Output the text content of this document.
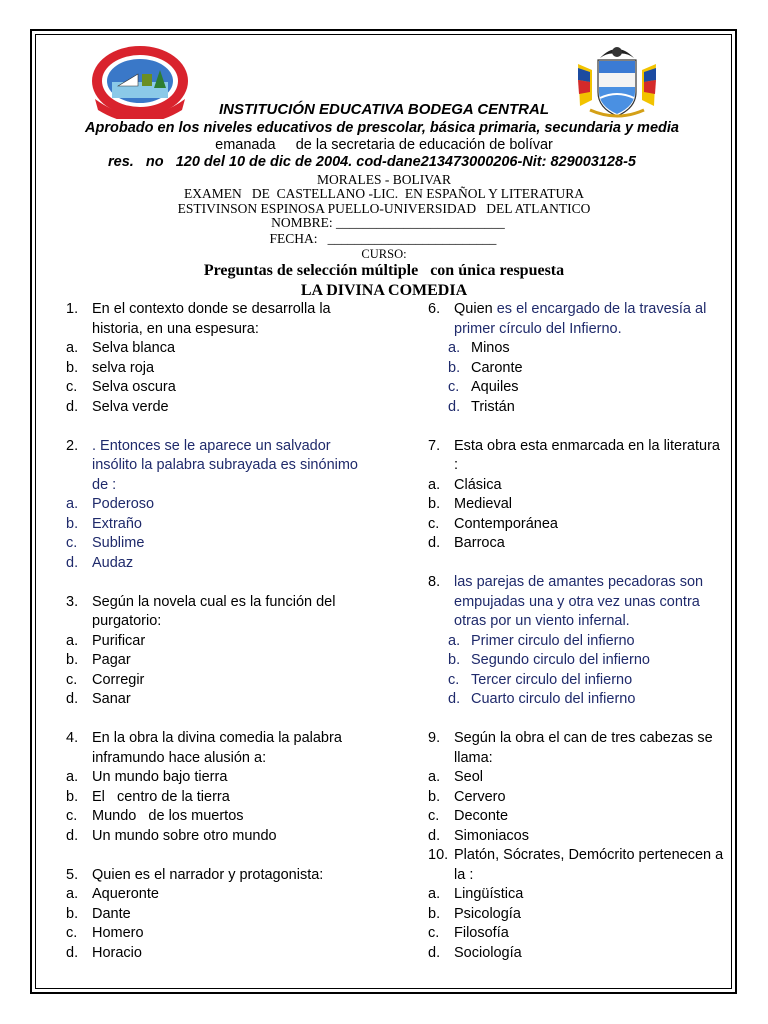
INSTITUCIÓN EDUCATIVA BODEGA CENTRAL
Aprobado en los niveles educativos de prescolar, básica primaria, secundaria y media
emanada     de la secretaria de educación de bolívar
res.   no   120 del 10 de dic de 2004. cod-dane213473000206-Nit: 829003128-5
MORALES - BOLIVAR
EXAMEN   DE  CASTELLANO -LIC.  EN ESPAÑOL Y LITERATURA
ESTIVINSON ESPINOSA PUELLO-UNIVERSIDAD   DEL ATLANTICO
NOMBRE: _________________________
FECHA:   _________________________
CURSO:
Preguntas de selección múltiple   con única respuesta
LA DIVINA COMEDIA
1. En el contexto donde se desarrolla la historia, en una espesura:
a. Selva blanca
b. selva roja
c. Selva oscura
d. Selva verde
2. . Entonces se le aparece un salvador insólito la palabra subrayada es sinónimo de :
a. Poderoso
b. Extraño
c. Sublime
d. Audaz
3. Según la novela cual es la función del purgatorio:
a. Purificar
b. Pagar
c. Corregir
d. Sanar
4. En la obra la divina comedia la palabra inframundo hace alusión a:
a. Un mundo bajo tierra
b. El   centro de la tierra
c. Mundo   de los muertos
d. Un mundo sobre otro mundo
5. Quien es el narrador y protagonista:
a. Aqueronte
b. Dante
c. Homero
d. Horacio
6. Quien es el encargado de la travesía al primer círculo del Infierno.
a. Minos
b. Caronte
c. Aquiles
d. Tristán
7. Esta obra esta enmarcada en la literatura :
a. Clásica
b. Medieval
c. Contemporánea
d. Barroca
8. las parejas de amantes pecadoras son empujadas una y otra vez unas contra otras por un viento infernal.
a. Primer circulo del infierno
b. Segundo circulo del infierno
c. Tercer circulo del infierno
d. Cuarto circulo del infierno
9. Según la obra el can de tres cabezas se llama:
a. Seol
b. Cervero
c. Deconte
d. Simoniacos
10. Platón, Sócrates, Demócrito pertenecen a la :
a. Lingüística
b. Psicología
c. Filosofía
d. Sociología
